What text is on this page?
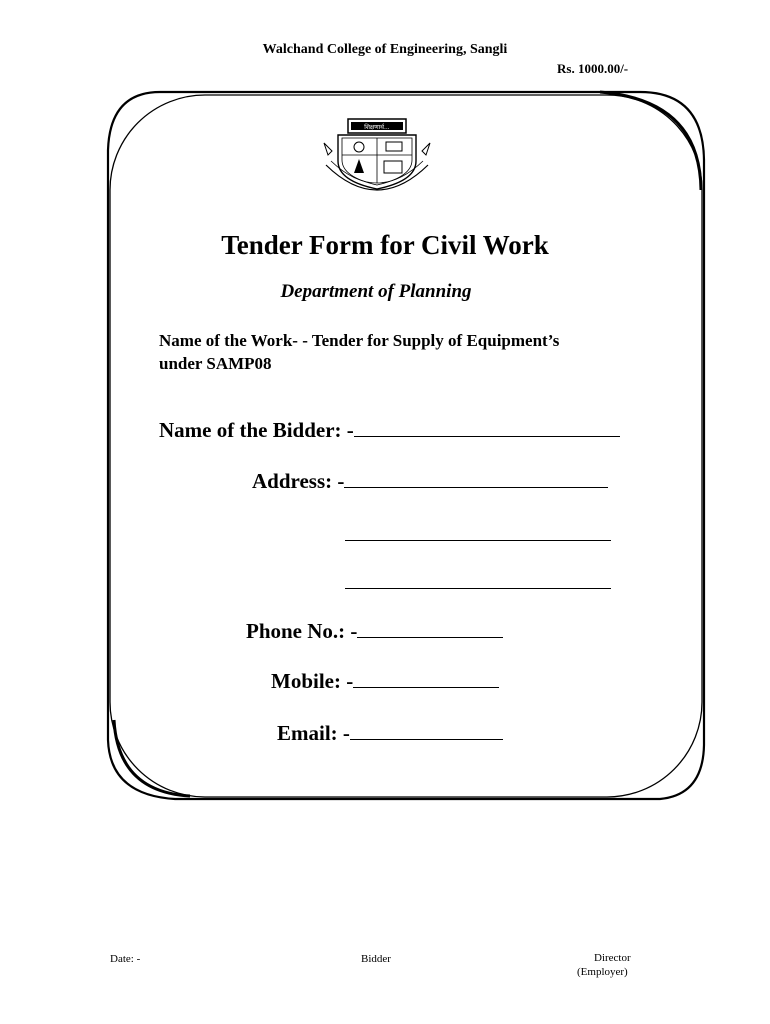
Walchand College of Engineering, Sangli
Rs. 1000.00/-
शिक्षणार्थ...
Tender Form for Civil Work
Department of Planning
Name of the Work- - Tender for Supply of Equipment’s
under SAMP08
Name of the Bidder: -
Address: -
Phone No.: -
Mobile: -
Email: -
Date: -	Bidder	Director
(Employer)
